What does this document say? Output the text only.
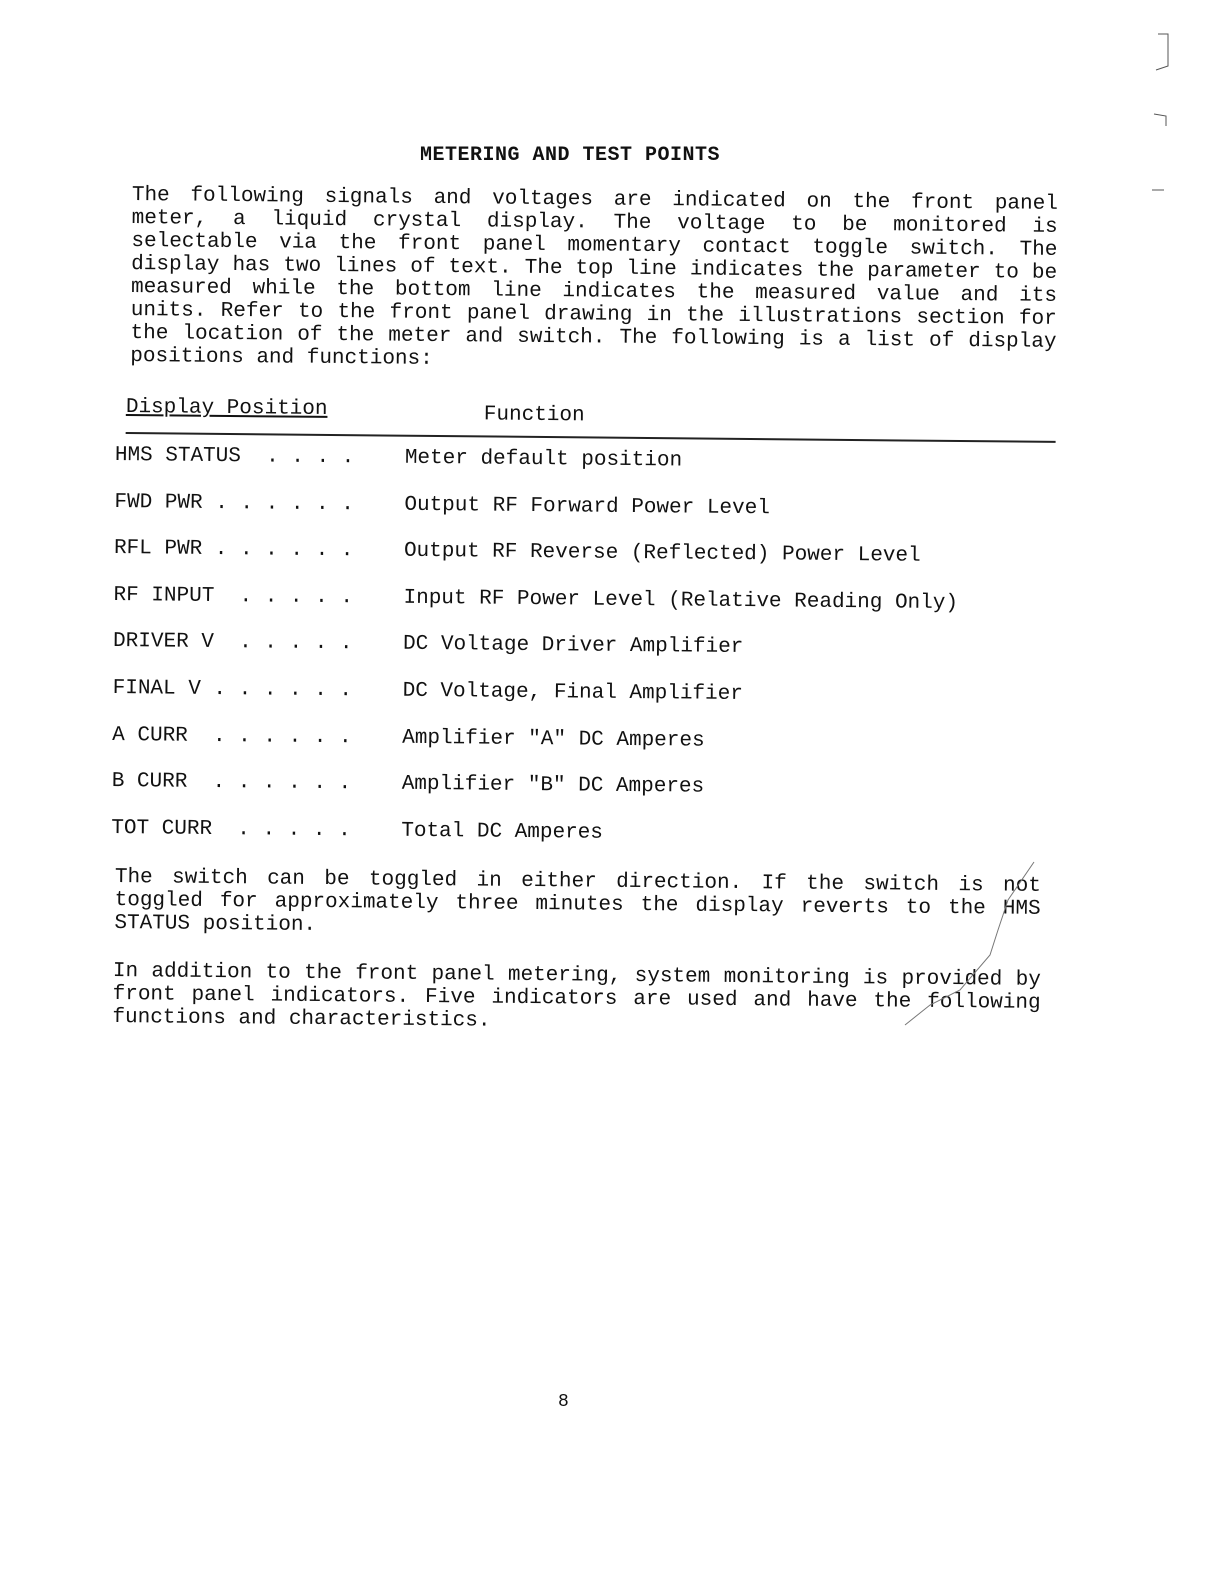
METERING AND TEST POINTS
The following signals and voltages are indicated on the front panel meter, a liquid crystal display. The voltage to be monitored is selectable via the front panel momentary contact toggle switch. The display has two lines of text. The top line indicates the parameter to be measured while the bottom line indicates the measured value and its units. Refer to the front panel drawing in the illustrations section for the location of the meter and switch. The following is a list of display positions and functions:
Display Position	Function
HMS STATUS  . . . . Meter default position
FWD PWR . . . . . . Output RF Forward Power Level
RFL PWR . . . . . . Output RF Reverse (Reflected) Power Level
RF INPUT  . . . . . Input RF Power Level (Relative Reading Only)
DRIVER V  . . . . . DC Voltage Driver Amplifier
FINAL V . . . . . . DC Voltage, Final Amplifier
A CURR  . . . . . . Amplifier "A" DC Amperes
B CURR  . . . . . . Amplifier "B" DC Amperes
TOT CURR  . . . . . Total DC Amperes
The switch can be toggled in either direction. If the switch is not toggled for approximately three minutes the display reverts to the HMS STATUS position.
In addition to the front panel metering, system monitoring is provided by front panel indicators. Five indicators are used and have the following functions and characteristics.
8
